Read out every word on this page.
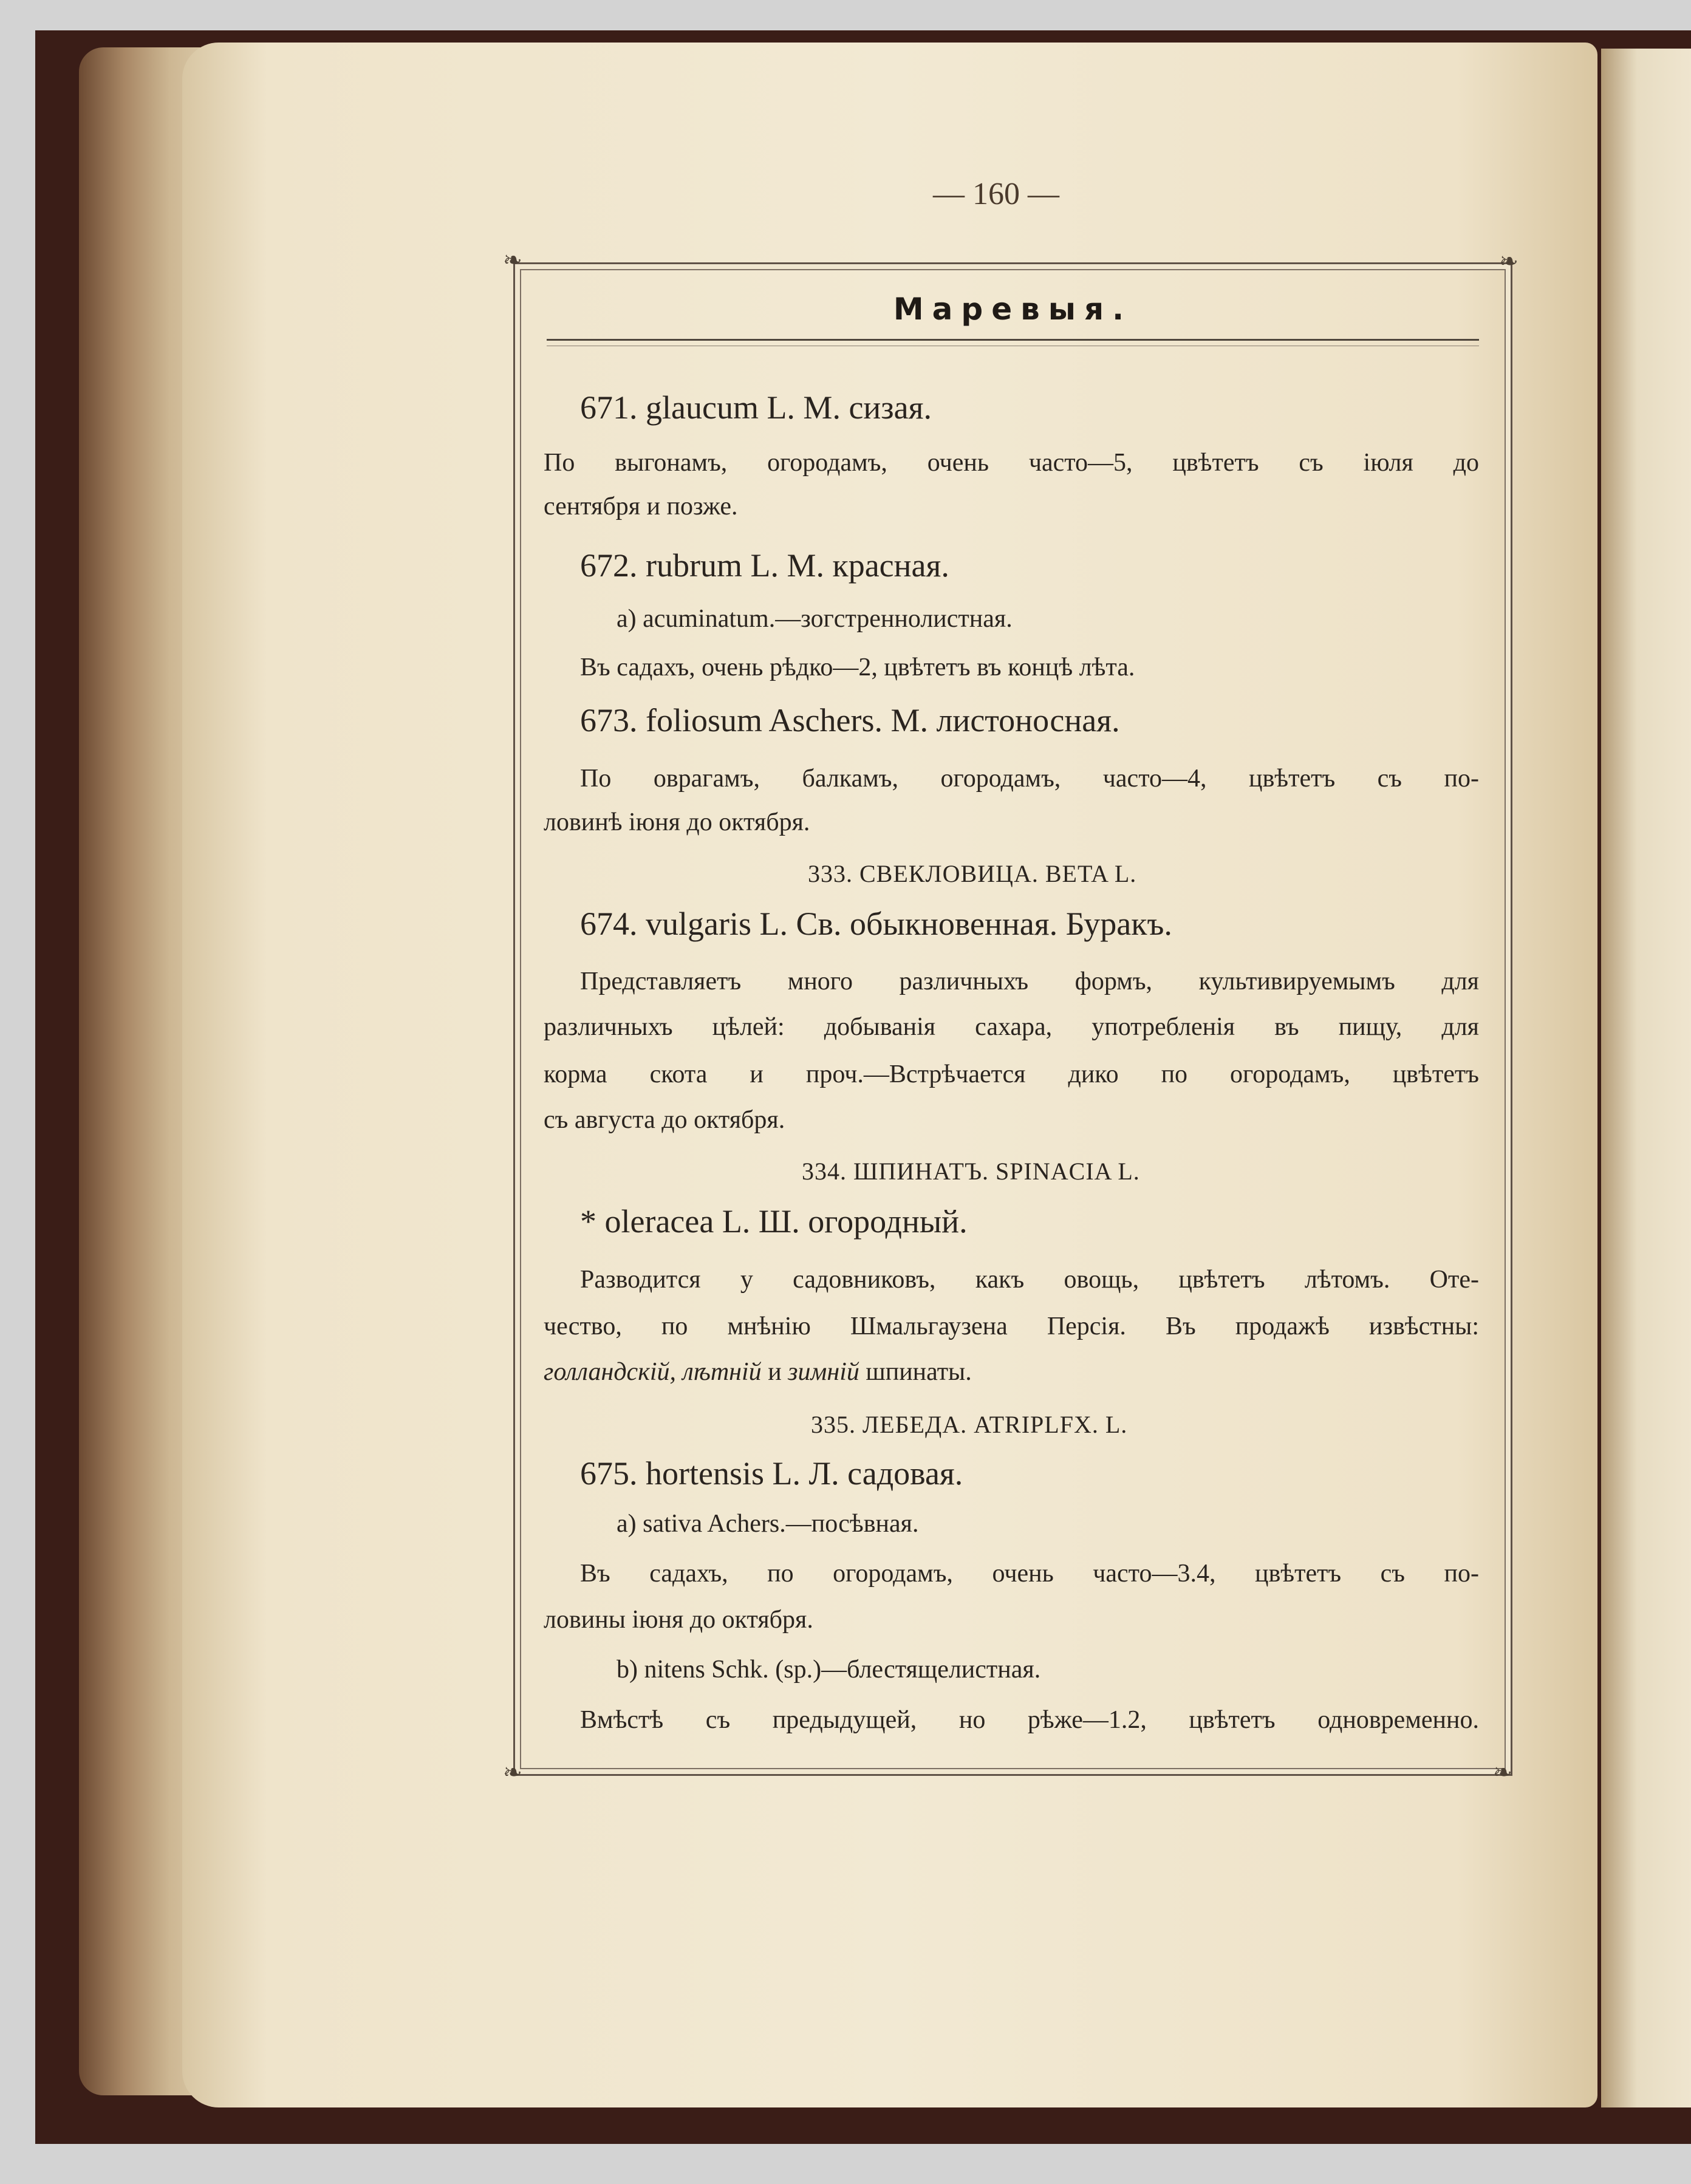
— 160 —
❧	❧
❧	❧
Маревыя.
671. glaucum L. M. сизая.
По выгонамъ, огородамъ, очень часто—5, цвѣтетъ съ іюля до
сентября и позже.
672. rubrum L. M. красная.
a) acuminatum.—зогстреннолистная.
Въ садахъ, очень рѣдко—2, цвѣтетъ въ концѣ лѣта.
673. foliosum Aschers. M. листоносная.
По оврагамъ, балкамъ, огородамъ, часто—4, цвѣтетъ съ по-
ловинѣ іюня до октября.
333. СВЕКЛОВИЦА. BETA L.
674. vulgaris L. Св. обыкновенная. Буракъ.
Представляетъ много различныхъ формъ, культивируемымъ для
различныхъ цѣлей: добыванія сахара, употребленія въ пищу, для
корма скота и проч.—Встрѣчается дико по огородамъ, цвѣтетъ
съ августа до октября.
334. ШПИНАТЪ. SPINACIA L.
* oleracea L. Ш. огородный.
Разводится у садовниковъ, какъ овощь, цвѣтетъ лѣтомъ. Оте-
чество, по мнѣнію Шмальгаузена Персія. Въ продажѣ извѣстны:
голландскій, лѣтній и зимній шпинаты.
335. ЛЕБЕДА. ATRIPLFX. L.
675. hortensis L. Л. садовая.
a) sativa Achers.—посѣвная.
Въ садахъ, по огородамъ, очень часто—3.4, цвѣтетъ съ по-
ловины іюня до октября.
b) nitens Schk. (sp.)—блестящелистная.
Вмѣстѣ съ предыдущей, но рѣже—1.2, цвѣтетъ одновременно.
